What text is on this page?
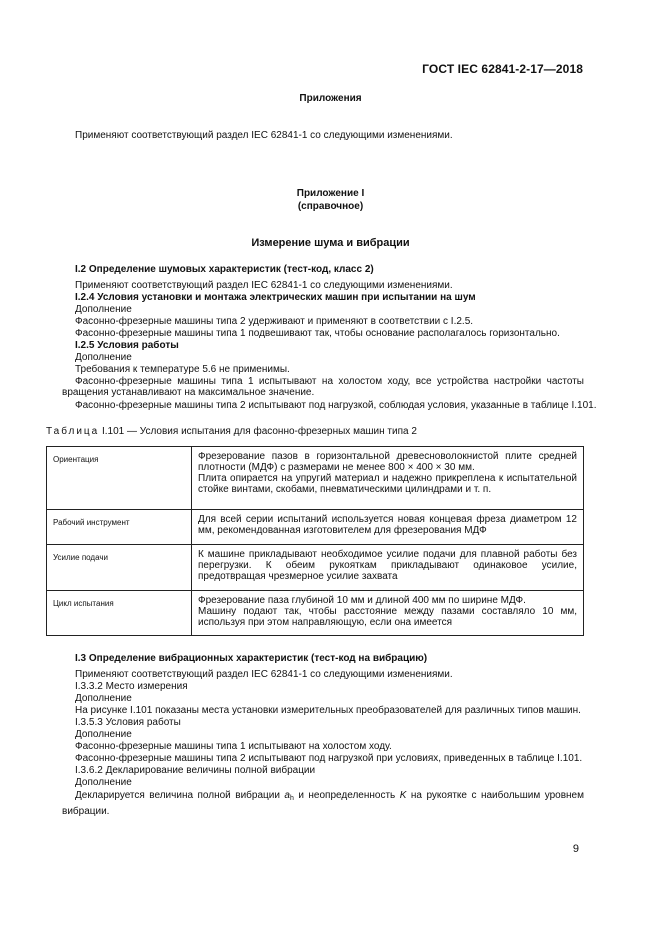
ГОСТ IEC 62841-2-17—2018
Приложения
Применяют соответствующий раздел IEC 62841-1 со следующими изменениями.
Приложение I
(справочное)
Измерение шума и вибрации
I.2 Определение шумовых характеристик (тест-код, класс 2)
Применяют соответствующий раздел IEC 62841-1 со следующими изменениями.
I.2.4 Условия установки и монтажа электрических машин при испытании на шум
Дополнение
Фасонно-фрезерные машины типа 2 удерживают и применяют в соответствии с I.2.5.
Фасонно-фрезерные машины типа 1 подвешивают так, чтобы основание располагалось горизонтально.
I.2.5 Условия работы
Дополнение
Требования к температуре 5.6 не применимы.
Фасонно-фрезерные машины типа 1 испытывают на холостом ходу, все устройства настройки частоты вращения устанавливают на максимальное значение.
Фасонно-фрезерные машины типа 2 испытывают под нагрузкой, соблюдая условия, указанные в таблице I.101.
Таблица I.101 — Условия испытания для фасонно-фрезерных машин типа 2
Ориентация	Фрезерование пазов в горизонтальной древесноволокнистой плите средней плотности (МДФ) с размерами не менее 800 × 400 × 30 мм.
Плита опирается на упругий материал и надежно прикреплена к испытательной стойке винтами, скобами, пневматическими цилиндрами и т. п.

Рабочий инструмент	Для всей серии испытаний используется новая концевая фреза диаметром 12 мм, рекомендованная изготовителем для фрезерования МДФ

Усилие подачи	К машине прикладывают необходимое усилие подачи для плавной работы без перегрузки. К обеим рукояткам прикладывают одинаковое усилие, предотвращая чрезмерное усилие захвата

Цикл испытания	Фрезерование паза глубиной 10 мм и длиной 400 мм по ширине МДФ.
Машину подают так, чтобы расстояние между пазами составляло 10 мм, используя при этом направляющую, если она имеется
I.3 Определение вибрационных характеристик (тест-код на вибрацию)
Применяют соответствующий раздел IEC 62841-1 со следующими изменениями.
I.3.3.2 Место измерения
Дополнение
На рисунке I.101 показаны места установки измерительных преобразователей для различных типов машин.
I.3.5.3 Условия работы
Дополнение
Фасонно-фрезерные машины типа 1 испытывают на холостом ходу.
Фасонно-фрезерные машины типа 2 испытывают под нагрузкой при условиях, приведенных в таблице I.101.
I.3.6.2 Декларирование величины полной вибрации
Дополнение
Декларируется величина полной вибрации $a_h$ и неопределенность K на рукоятке с наибольшим уровнем вибрации.
9
